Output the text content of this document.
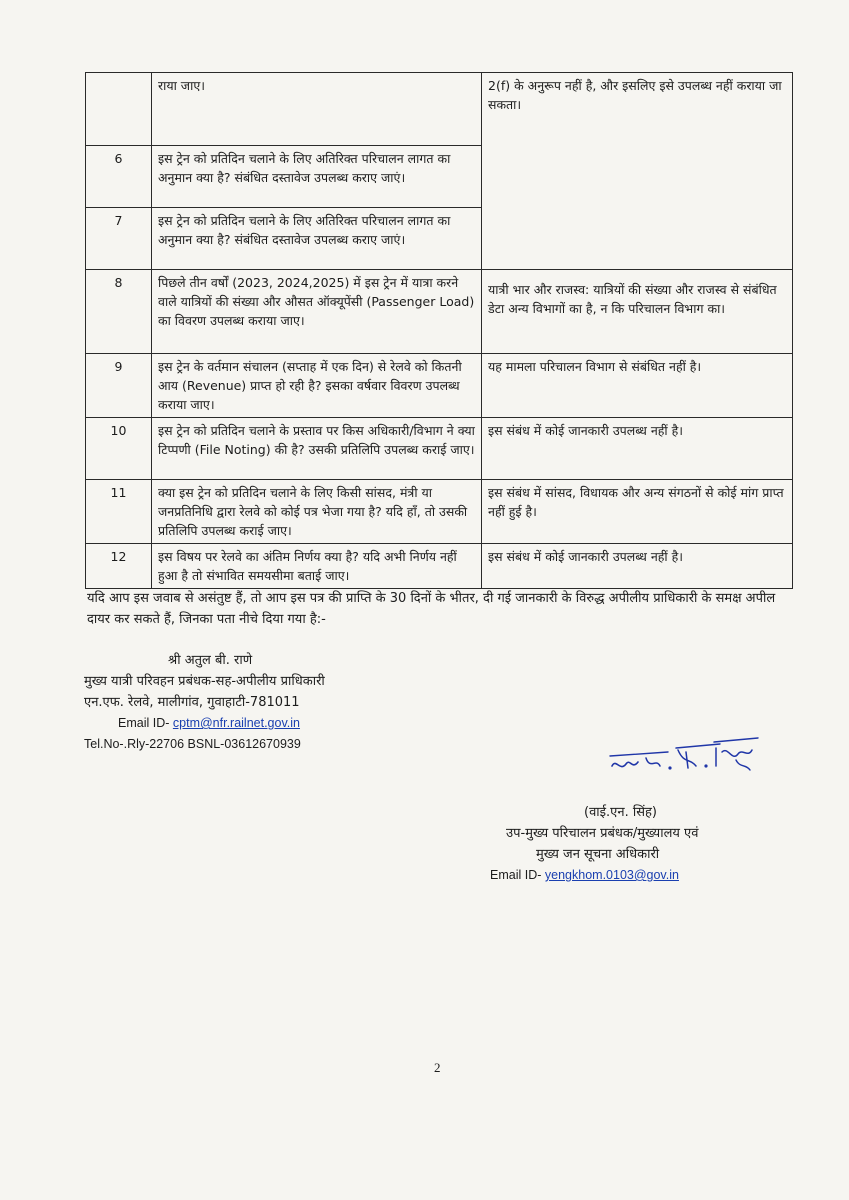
	राया जाए।	2(f) के अनुरूप नहीं है, और इसलिए इसे उपलब्ध नहीं कराया जा सकता।
6	इस ट्रेन को प्रतिदिन चलाने के लिए अतिरिक्त परिचालन लागत का अनुमान क्या है? संबंधित दस्तावेज उपलब्ध कराए जाएं।	
7	इस ट्रेन को प्रतिदिन चलाने के लिए अतिरिक्त परिचालन लागत का अनुमान क्या है? संबंधित दस्तावेज उपलब्ध कराए जाएं।	
8	पिछले तीन वर्षों (2023, 2024,2025) में इस ट्रेन में यात्रा करने वाले यात्रियों की संख्या और औसत ऑक्यूपेंसी (Passenger Load) का विवरण उपलब्ध कराया जाए।	यात्री भार और राजस्व: यात्रियों की संख्या और राजस्व से संबंधित डेटा अन्य विभागों का है, न कि परिचालन विभाग का।
9	इस ट्रेन के वर्तमान संचालन (सप्ताह में एक दिन) से रेलवे को कितनी आय (Revenue) प्राप्त हो रही है? इसका वर्षवार विवरण उपलब्ध कराया जाए।	यह मामला परिचालन विभाग से संबंधित नहीं है।
10	इस ट्रेन को प्रतिदिन चलाने के प्रस्ताव पर किस अधिकारी/विभाग ने क्या टिप्पणी (File Noting) की है? उसकी प्रतिलिपि उपलब्ध कराई जाए।	इस संबंध में कोई जानकारी उपलब्ध नहीं है।
11	क्या इस ट्रेन को प्रतिदिन चलाने के लिए किसी सांसद, मंत्री या जनप्रतिनिधि द्वारा रेलवे को कोई पत्र भेजा गया है? यदि हाँ, तो उसकी प्रतिलिपि उपलब्ध कराई जाए।	इस संबंध में सांसद, विधायक और अन्य संगठनों से कोई मांग प्राप्त नहीं हुई है।
12	इस विषय पर रेलवे का अंतिम निर्णय क्या है? यदि अभी निर्णय नहीं हुआ है तो संभावित समयसीमा बताई जाए।	इस संबंध में कोई जानकारी उपलब्ध नहीं है।
यदि आप इस जवाब से असंतुष्ट हैं, तो आप इस पत्र की प्राप्ति के 30 दिनों के भीतर, दी गई जानकारी के विरुद्ध अपीलीय प्राधिकारी के समक्ष अपील दायर कर सकते हैं, जिनका पता नीचे दिया गया है:-
श्री अतुल बी. राणे
मुख्य यात्री परिवहन प्रबंधक-सह-अपीलीय प्राधिकारी
एन.एफ. रेलवे, मालीगांव, गुवाहाटी-781011
Email ID- cptm@nfr.railnet.gov.in
Tel.No-.Rly-22706 BSNL-03612670939
(वाई.एन. सिंह)
उप-मुख्य परिचालन प्रबंधक/मुख्यालय एवं
मुख्य जन सूचना अधिकारी
Email ID- yengkhom.0103@gov.in
2
